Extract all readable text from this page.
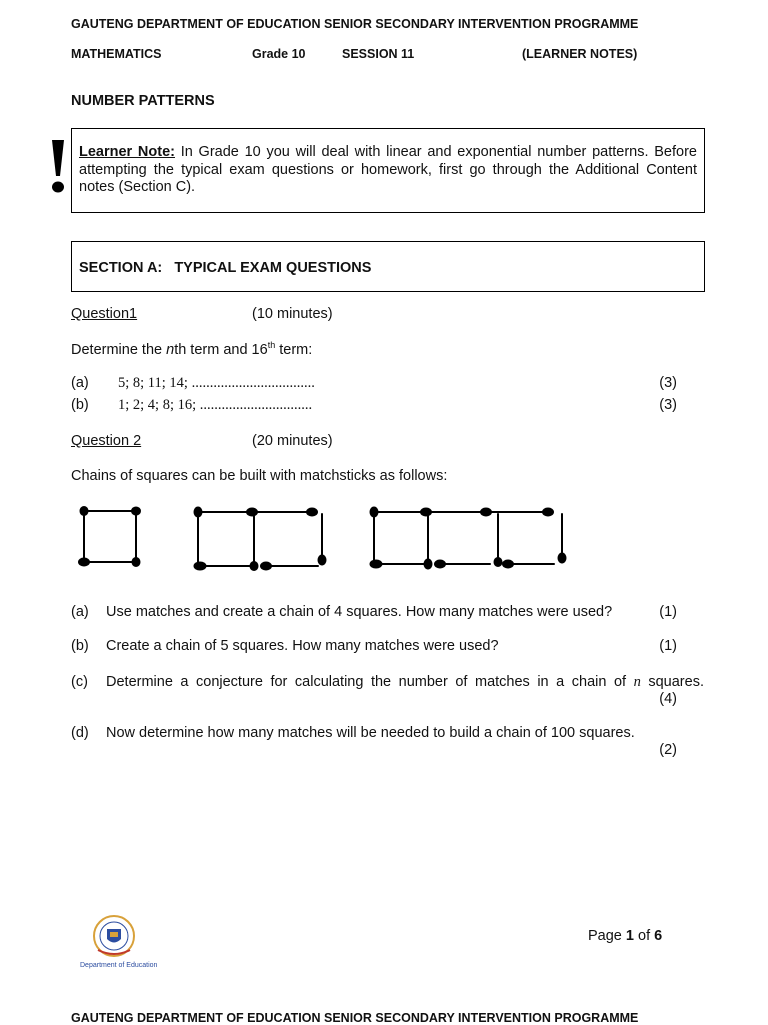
GAUTENG DEPARTMENT OF EDUCATION SENIOR SECONDARY INTERVENTION PROGRAMME
MATHEMATICS	Grade 10	SESSION 11	(LEARNER NOTES)
NUMBER PATTERNS
Learner Note: In Grade 10 you will deal with linear and exponential number patterns. Before attempting the typical exam questions or homework, first go through the Additional Content notes (Section C).
SECTION A:   TYPICAL EXAM QUESTIONS
Question1	(10 minutes)
Determine the nth term and 16th term:
(a) 5; 8; 11; 14; ..................................	(3)
(b) 1; 2; 4; 8; 16; ...............................	(3)
Question 2	(20 minutes)
Chains of squares can be built with matchsticks as follows:
(a) Use matches and create a chain of 4 squares. How many matches were used?	(1)
(b) Create a chain of 5 squares. How many matches were used?	(1)
(c) Determine a conjecture for calculating the number of matches in a chain of n squares.
(4)
(d) Now determine how many matches will be needed to build a chain of 100 squares.
(2)
Department of Education
Page 1 of 6
GAUTENG DEPARTMENT OF EDUCATION SENIOR SECONDARY INTERVENTION PROGRAMME
